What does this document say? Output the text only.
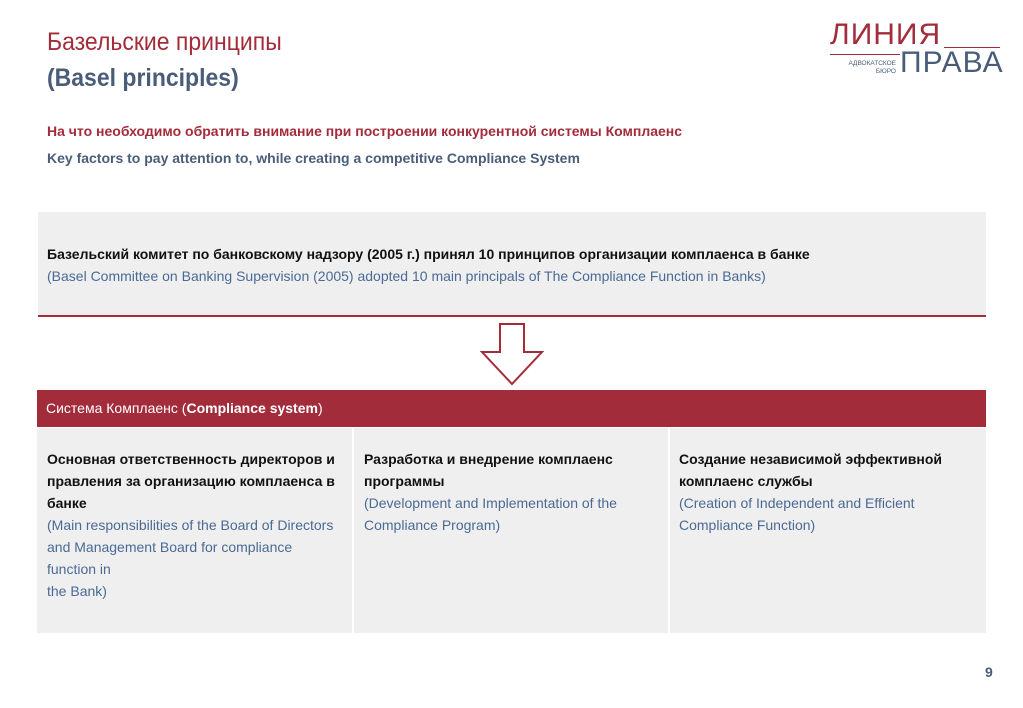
Базельские принципы
(Basel principles)
ЛИНИЯ
ПРАВА
АДВОКАТСКОЕ
БЮРО
На что необходимо обратить внимание при построении конкурентной системы Комплаенс
Key factors to pay attention to, while creating a competitive Compliance System
Базельский комитет по банковскому надзору (2005 г.) принял 10 принципов организации комплаенса в банке
(Basel Committee on Banking Supervision (2005) adopted 10 main principals of The Compliance Function in Banks)
Система Комплаенс (Compliance system)
Основная ответственность директоров и правления за организацию комплаенса в банке
(Main responsibilities of the Board of Directors and Management Board for compliance function in
the Bank)
Разработка и внедрение комплаенс программы
(Development and Implementation of the Compliance Program)
Создание независимой эффективной комплаенс службы
(Creation of Independent and Efficient Compliance Function)
9
